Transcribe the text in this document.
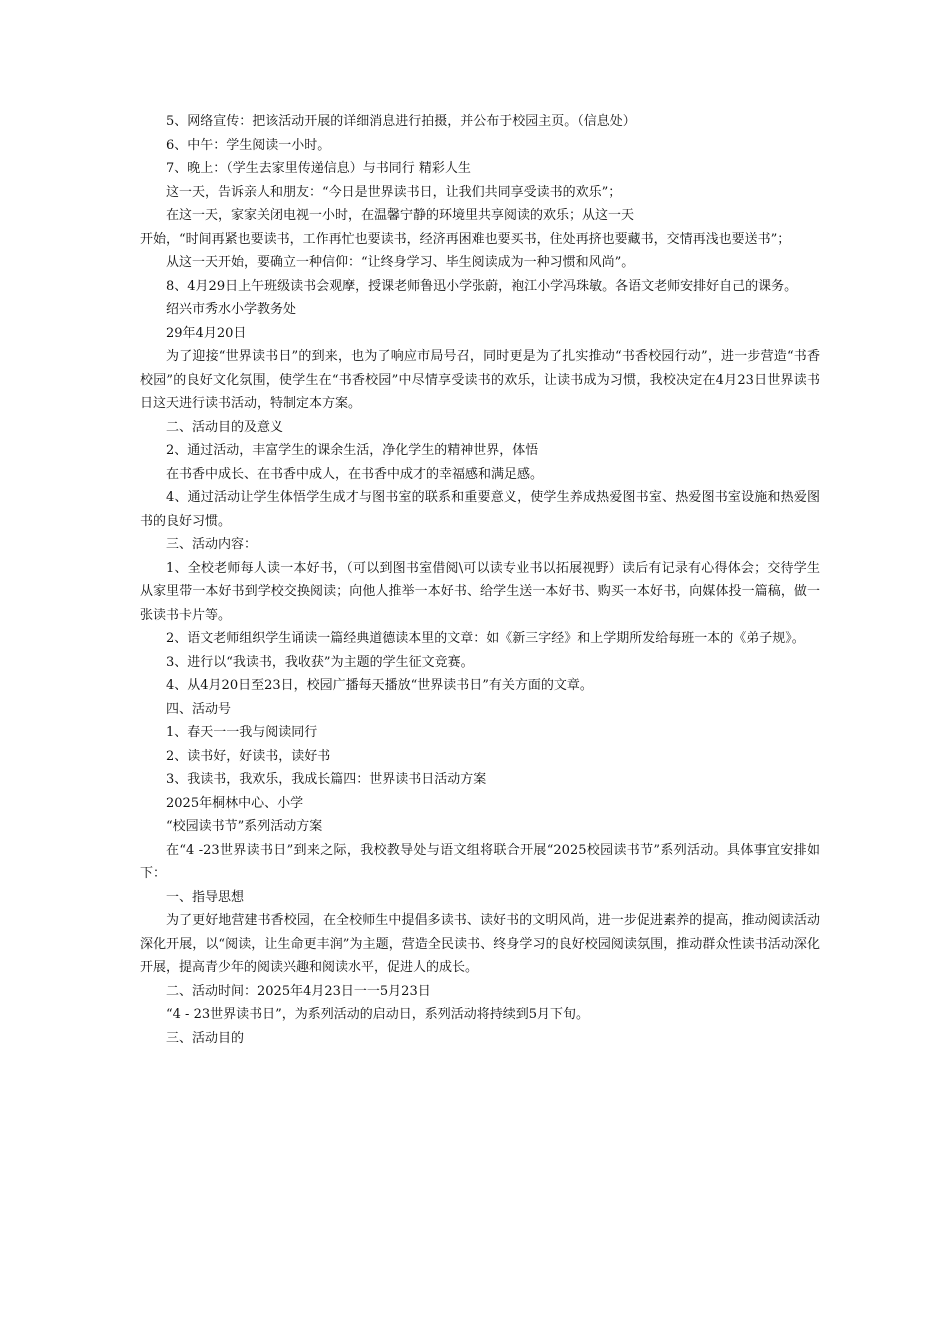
5、网络宣传：把该活动开展的详细消息进行拍摄，并公布于校园主页。（信息处）

6、中午：学生阅读一小时。

7、晚上：（学生去家里传递信息）与书同行 精彩人生

这一天，告诉亲人和朋友：“今日是世界读书日，让我们共同享受读书的欢乐”；

在这一天，家家关闭电视一小时，在温馨宁静的环境里共享阅读的欢乐；从这一天

开始，“时间再紧也要读书，工作再忙也要读书，经济再困难也要买书，住处再挤也要藏书，交情再浅也要送书”；

从这一天开始，要确立一种信仰：“让终身学习、毕生阅读成为一种习惯和风尚”。

8、4月29日上午班级读书会观摩，授课老师鲁迅小学张蔚，袍江小学冯珠敏。各语文老师安排好自己的课务。

绍兴市秀水小学教务处

29年4月20日

为了迎接“世界读书日”的到来，也为了响应市局号召，同时更是为了扎实推动“书香校园行动”，进一步营造“书香校园”的良好文化氛围，使学生在“书香校园”中尽情享受读书的欢乐，让读书成为习惯，我校决定在4月23日世界读书日这天进行读书活动，特制定本方案。

二、活动目的及意义

2、通过活动，丰富学生的课余生活，净化学生的精神世界，体悟

在书香中成长、在书香中成人，在书香中成才的幸福感和满足感。

4、通过活动让学生体悟学生成才与图书室的联系和重要意义，使学生养成热爱图书室、热爱图书室设施和热爱图书的良好习惯。

三、活动内容：

1、全校老师每人读一本好书，（可以到图书室借阅\可以读专业书以拓展视野）读后有记录有心得体会；交待学生从家里带一本好书到学校交换阅读；向他人推举一本好书、给学生送一本好书、购买一本好书，向媒体投一篇稿，做一张读书卡片等。

2、语文老师组织学生诵读一篇经典道德读本里的文章：如《新三字经》和上学期所发给每班一本的《弟子规》。

3、进行以“我读书，我收获”为主题的学生征文竞赛。

4、从4月20日至23日，校园广播每天播放“世界读书日”有关方面的文章。

四、活动号

1、春天一一我与阅读同行

2、读书好，好读书，读好书

3、我读书，我欢乐，我成长篇四：世界读书日活动方案

2025年桐林中心、小学

“校园读书节”系列活动方案

在“4 -23世界读书日”到来之际，我校教导处与语文组将联合开展“2025校园读书节”系列活动。具体事宜安排如下：

一、指导思想

为了更好地营建书香校园，在全校师生中提倡多读书、读好书的文明风尚，进一步促进素养的提高，推动阅读活动深化开展，以“阅读，让生命更丰润”为主题，营造全民读书、终身学习的良好校园阅读氛围，推动群众性读书活动深化开展，提高青少年的阅读兴趣和阅读水平，促进人的成长。

二、活动时间：2025年4月23日一一5月23日

“4 - 23世界读书日”，为系列活动的启动日，系列活动将持续到5月下旬。

三、活动目的
